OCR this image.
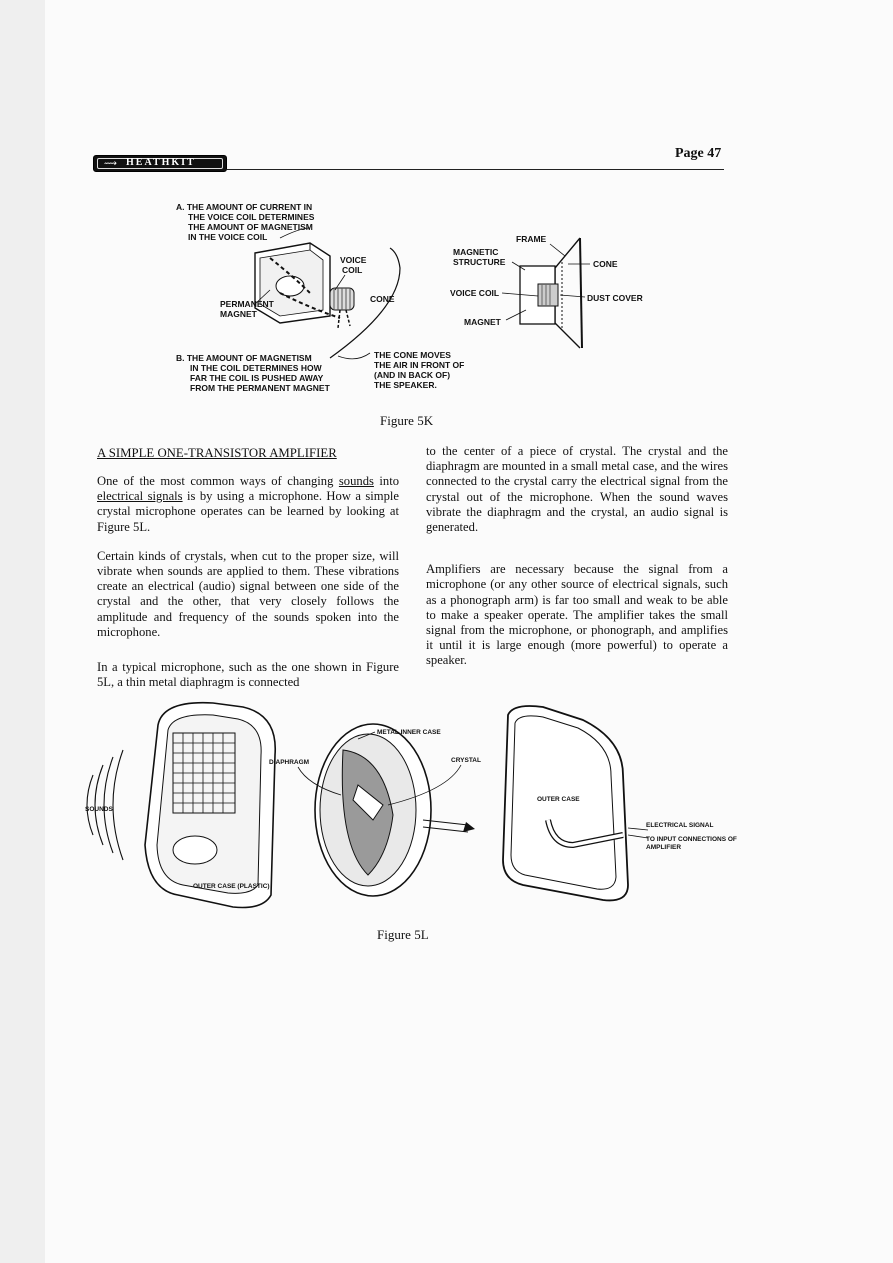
⟿ HEATHKIT
Page 47
A. THE AMOUNT OF CURRENT IN
THE VOICE COIL DETERMINES
THE AMOUNT OF MAGNETISM
IN THE VOICE COIL
VOICE
COIL
CONE
PERMANENT
MAGNET
B. THE AMOUNT OF MAGNETISM
IN THE COIL DETERMINES HOW
FAR THE COIL IS PUSHED AWAY
FROM THE PERMANENT MAGNET
THE CONE MOVES
THE AIR IN FRONT OF
(AND IN BACK OF)
THE SPEAKER.
FRAME
MAGNETIC
STRUCTURE	CONE
VOICE COIL	DUST COVER
MAGNET
Figure 5K
A SIMPLE ONE-TRANSISTOR AMPLIFIER

One of the most common ways of changing sounds into electrical signals is by using a microphone. How a simple crystal microphone operates can be learned by looking at Figure 5L.

Certain kinds of crystals, when cut to the proper size, will vibrate when sounds are applied to them. These vibrations create an electrical (audio) signal between one side of the crystal and the other, that very closely follows the amplitude and frequency of the sounds spoken into the microphone.

In a typical microphone, such as the one shown in Figure 5L, a thin metal diaphragm is connected

to the center of a piece of crystal. The crystal and the diaphragm are mounted in a small metal case, and the wires connected to the crystal carry the electrical signal from the crystal out of the microphone. When the sound waves vibrate the diaphragm and the crystal, an audio signal is generated.

Amplifiers are necessary because the signal from a microphone (or any other source of electrical signals, such as a phonograph arm) is far too small and weak to be able to make a speaker operate. The amplifier takes the small signal from the microphone, or phonograph, and amplifies it until it is large enough (more powerful) to operate a speaker.

SOUNDS
OUTER CASE (PLASTIC)
DIAPHRAGM
METAL INNER CASE
CRYSTAL
OUTER CASE
ELECTRICAL SIGNAL
TO INPUT CONNECTIONS OF
AMPLIFIER
Figure 5L
